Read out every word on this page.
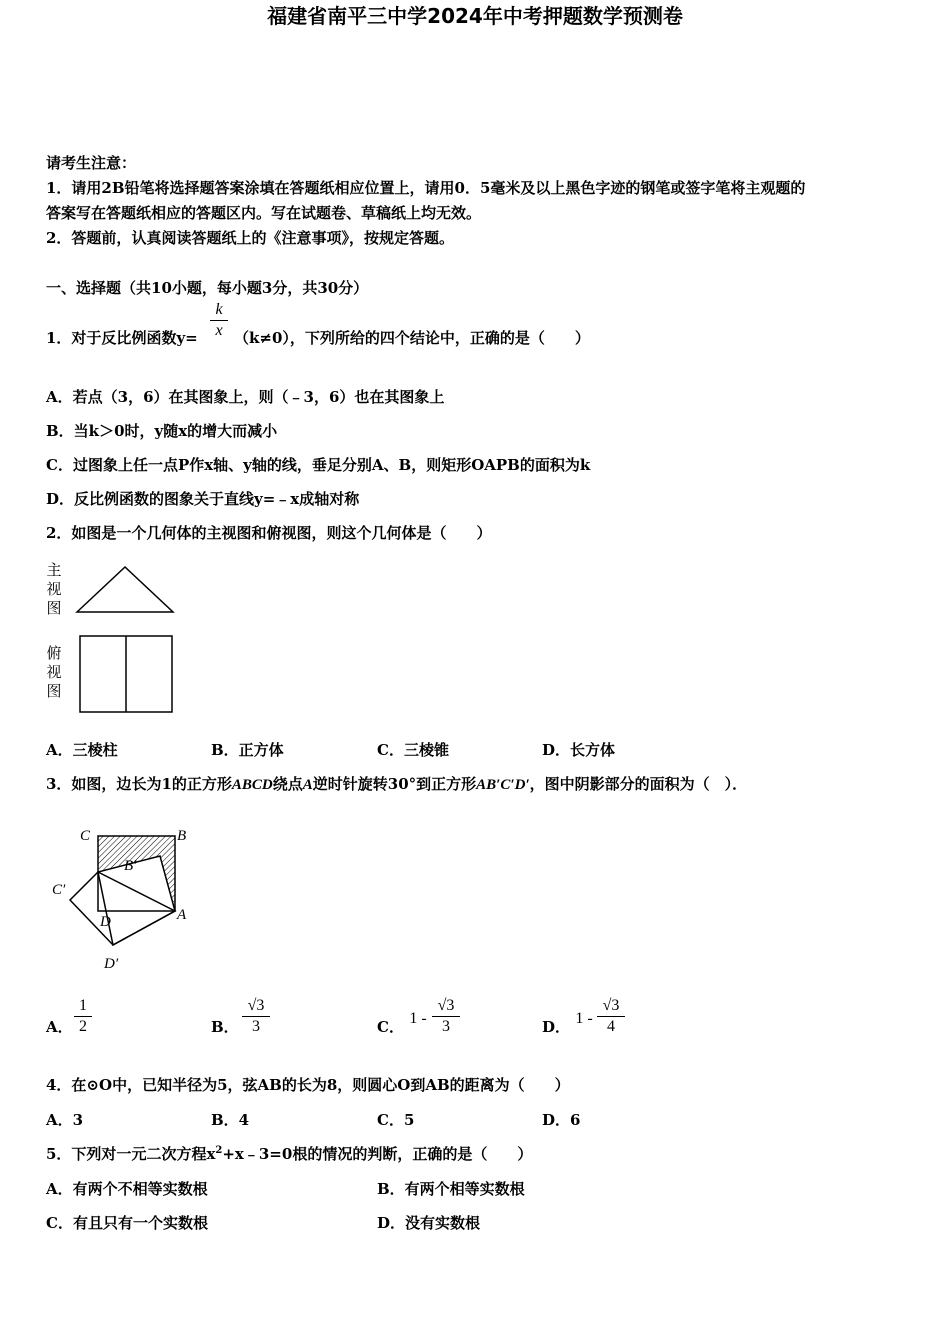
福建省南平三中学2024年中考押题数学预测卷
请考生注意：
1．请用2B铅笔将选择题答案涂填在答题纸相应位置上，请用0．5毫米及以上黑色字迹的钢笔或签字笔将主观题的
答案写在答题纸相应的答题区内。写在试题卷、草稿纸上均无效。
2．答题前，认真阅读答题纸上的《注意事项》，按规定答题。
一、选择题（共10小题，每小题3分，共30分）
1．对于反比例函数$y= \frac{k}{x} (k\ne 0)$，下列所给的四个结论中，正确的是（　　）
A．若点（3，6）在其图象上，则（﹣3，6）也在其图象上
B．当k＞0时，y随x的增大而减小
C．过图象上任一点P作x轴、y轴的线，垂足分别A、B，则矩形OAPB的面积为k
D．反比例函数的图象关于直线y=﹣x成轴对称
2．如图是一个几何体的主视图和俯视图，则这个几何体是（　　）
主
视
图
俯
视
图
A．三棱柱	B．正方体	C．三棱锥	D．长方体
3．如图，边长为1的正方形ABCD绕点A逆时针旋转30°到正方形AB′C′D′，图中阴影部分的面积为（　）．
C	B
B′
C′
D	A
D′
A． $\frac{1}{2}$	B． $\frac{√3}{3}$	C． $1 - \frac{√3}{3}$	D． $1 - \frac{√3}{4}$
4．在⊙O中，已知半径为5，弦AB的长为8，则圆心O到AB的距离为（　　）
A．3	B．4	C．5	D．6
5．下列对一元二次方程$x^2+x﹣3=0$根的情况的判断，正确的是（　　）
A．有两个不相等实数根	B．有两个相等实数根
C．有且只有一个实数根	D．没有实数根
